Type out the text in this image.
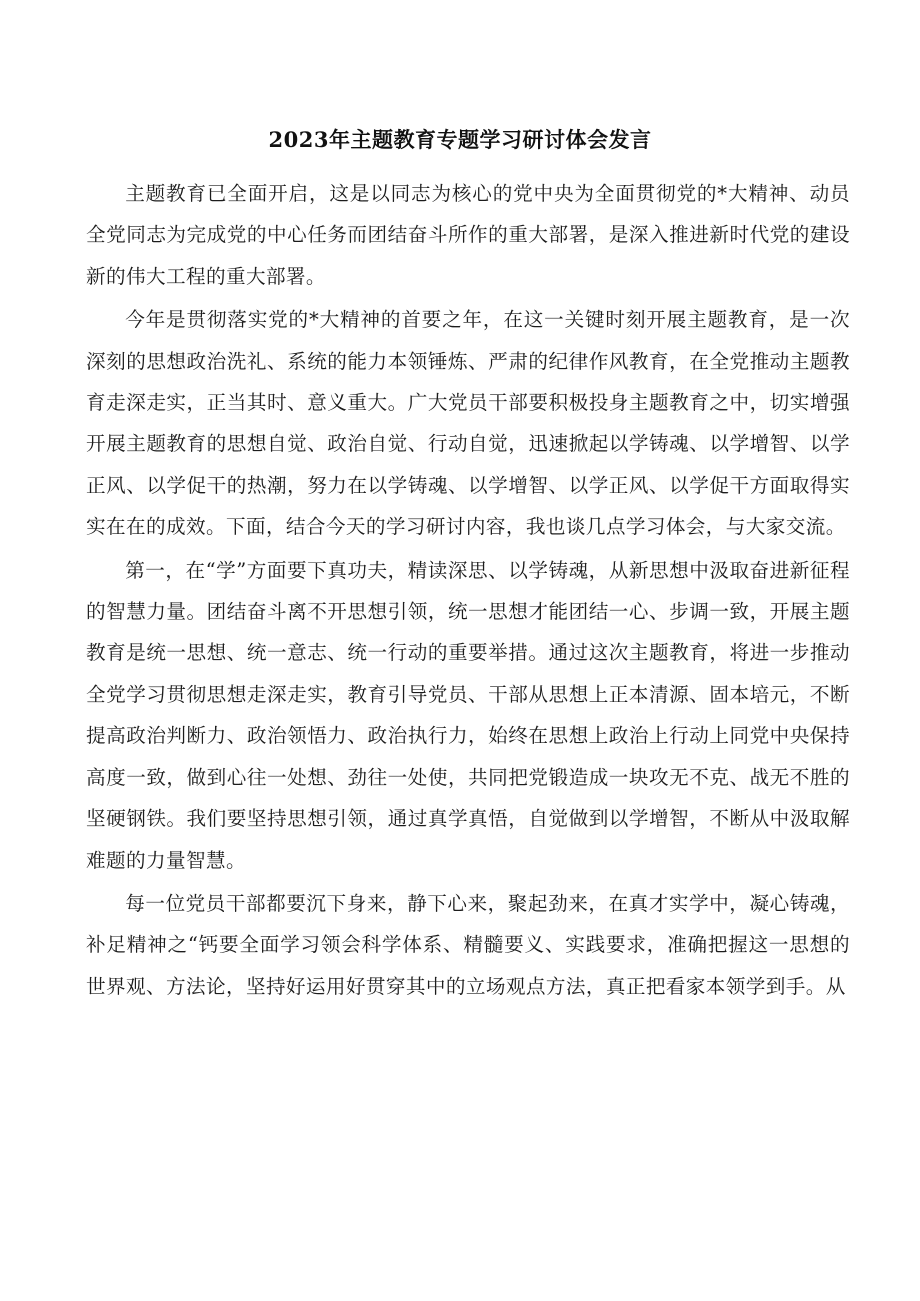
2023年主题教育专题学习研讨体会发言

主题教育已全面开启，这是以同志为核心的党中央为全面贯彻党的*大精神、动员全党同志为完成党的中心任务而团结奋斗所作的重大部署，是深入推进新时代党的建设新的伟大工程的重大部署。

今年是贯彻落实党的*大精神的首要之年，在这一关键时刻开展主题教育，是一次深刻的思想政治洗礼、系统的能力本领锤炼、严肃的纪律作风教育，在全党推动主题教育走深走实，正当其时、意义重大。广大党员干部要积极投身主题教育之中，切实增强开展主题教育的思想自觉、政治自觉、行动自觉，迅速掀起以学铸魂、以学增智、以学正风、以学促干的热潮，努力在以学铸魂、以学增智、以学正风、以学促干方面取得实实在在的成效。下面，结合今天的学习研讨内容，我也谈几点学习体会，与大家交流。

第一，在“学”方面要下真功夫，精读深思、以学铸魂，从新思想中汲取奋进新征程的智慧力量。团结奋斗离不开思想引领，统一思想才能团结一心、步调一致，开展主题教育是统一思想、统一意志、统一行动的重要举措。通过这次主题教育，将进一步推动全党学习贯彻思想走深走实，教育引导党员、干部从思想上正本清源、固本培元，不断提高政治判断力、政治领悟力、政治执行力，始终在思想上政治上行动上同党中央保持高度一致，做到心往一处想、劲往一处使，共同把党锻造成一块攻无不克、战无不胜的坚硬钢铁。我们要坚持思想引领，通过真学真悟，自觉做到以学增智，不断从中汲取解难题的力量智慧。

每一位党员干部都要沉下身来，静下心来，聚起劲来，在真才实学中，凝心铸魂，补足精神之“钙要全面学习领会科学体系、精髓要义、实践要求，准确把握这一思想的世界观、方法论，坚持好运用好贯穿其中的立场观点方法，真正把看家本领学到手。从
